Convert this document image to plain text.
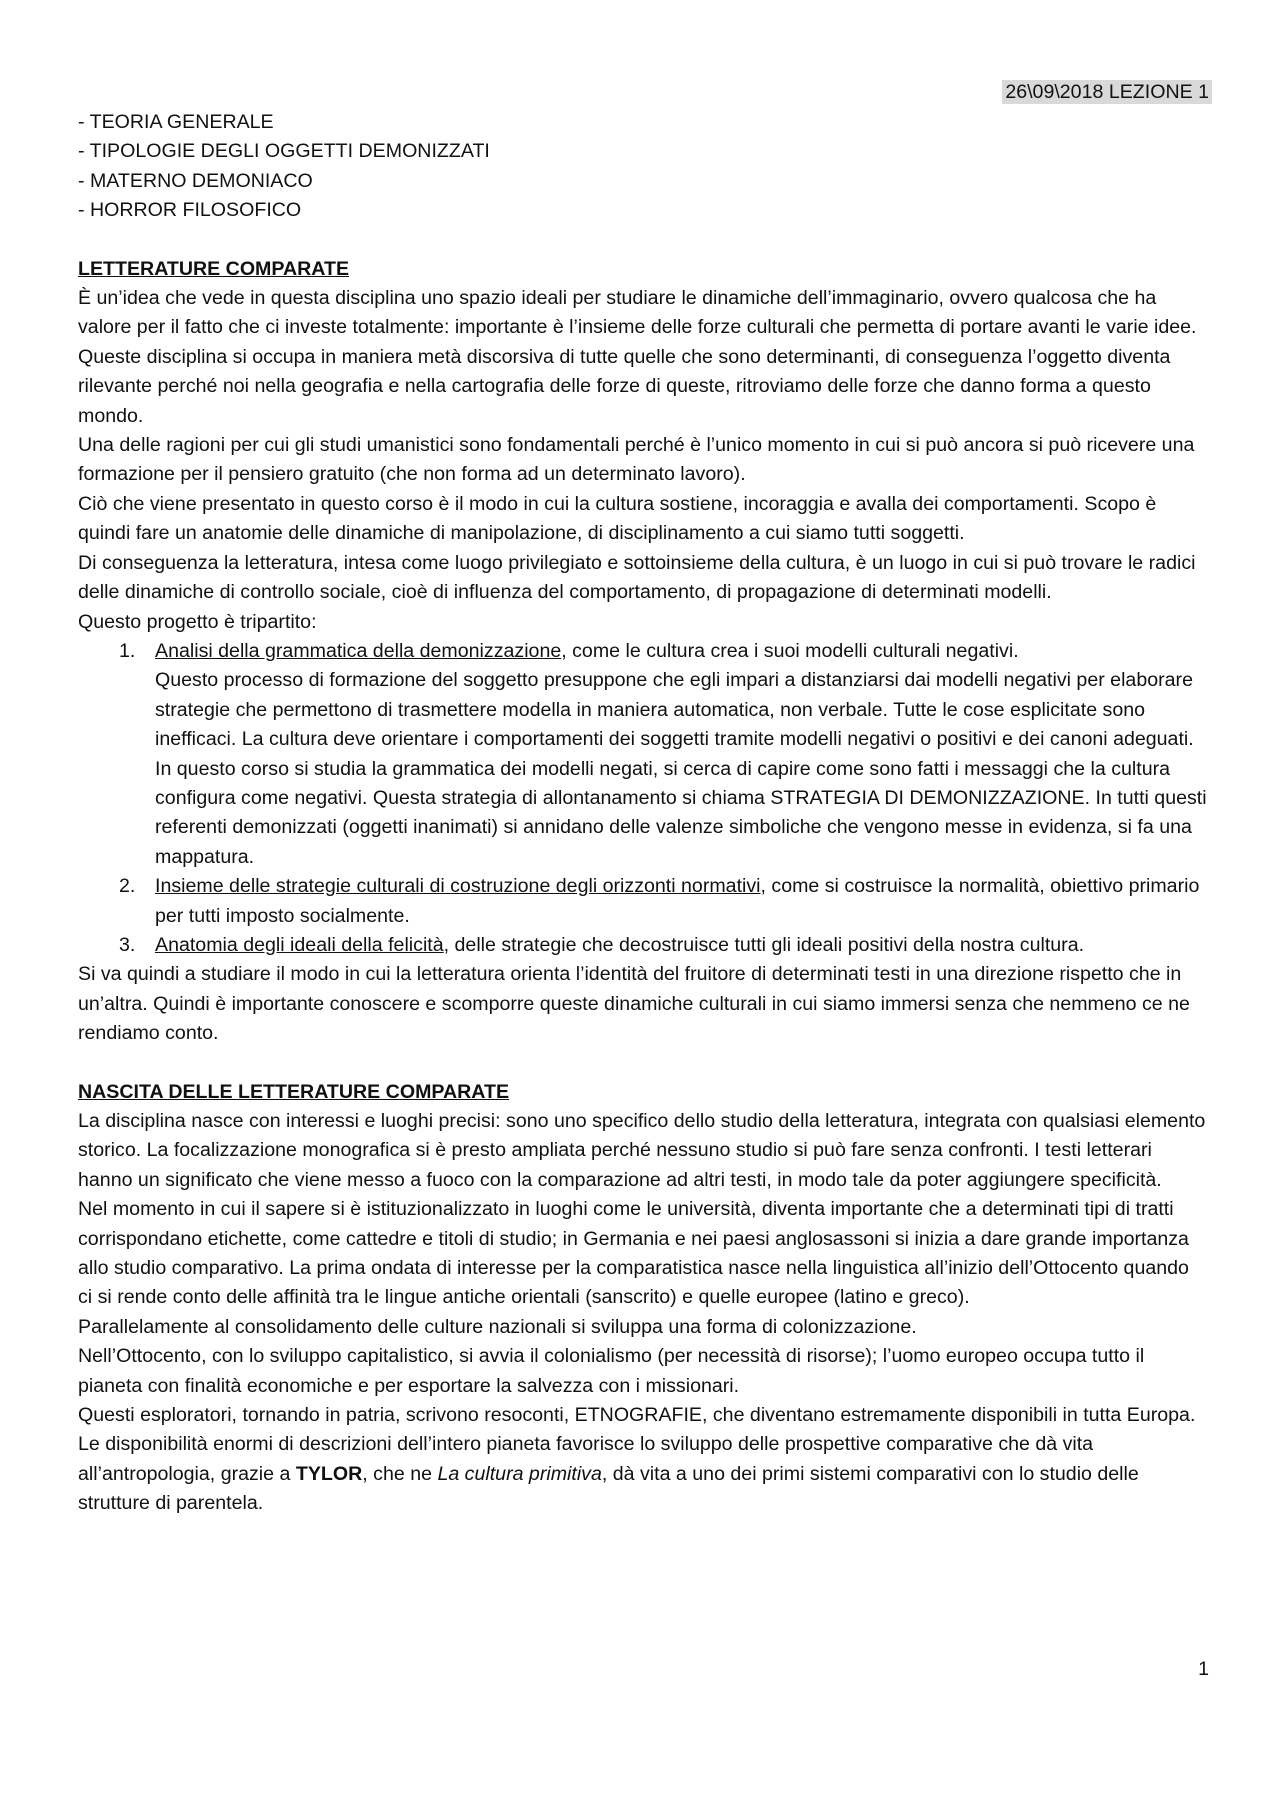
26\09\2018 LEZIONE 1
- TEORIA GENERALE
- TIPOLOGIE DEGLI OGGETTI DEMONIZZATI
- MATERNO DEMONIACO
- HORROR FILOSOFICO

LETTERATURE COMPARATE

È un’idea che vede in questa disciplina uno spazio ideali per studiare le dinamiche dell’immaginario, ovvero qualcosa che ha valore per il fatto che ci investe totalmente: importante è l’insieme delle forze culturali che permetta di portare avanti le varie idee. Queste disciplina si occupa in maniera metà discorsiva di tutte quelle che sono determinanti, di conseguenza l’oggetto diventa rilevante perché noi nella geografia e nella cartografia delle forze di queste, ritroviamo delle forze che danno forma a questo mondo.

Una delle ragioni per cui gli studi umanistici sono fondamentali perché è l’unico momento in cui si può ancora si può ricevere una formazione per il pensiero gratuito (che non forma ad un determinato lavoro).

Ciò che viene presentato in questo corso è il modo in cui la cultura sostiene, incoraggia e avalla dei comportamenti. Scopo è quindi fare un anatomie delle dinamiche di manipolazione, di disciplinamento a cui siamo tutti soggetti.

Di conseguenza la letteratura, intesa come luogo privilegiato e sottoinsieme della cultura, è un luogo in cui si può trovare le radici delle dinamiche di controllo sociale, cioè di influenza del comportamento, di propagazione di determinati modelli.

Questo progetto è tripartito:

1. Analisi della grammatica della demonizzazione, come le cultura crea i suoi modelli culturali negativi.
Questo processo di formazione del soggetto presuppone che egli impari a distanziarsi dai modelli negativi per elaborare strategie che permettono di trasmettere modella in maniera automatica, non verbale. Tutte le cose esplicitate sono inefficaci. La cultura deve orientare i comportamenti dei soggetti tramite modelli negativi o positivi e dei canoni adeguati.
In questo corso si studia la grammatica dei modelli negati, si cerca di capire come sono fatti i messaggi che la cultura configura come negativi. Questa strategia di allontanamento si chiama STRATEGIA DI DEMONIZZAZIONE. In tutti questi referenti demonizzati (oggetti inanimati) si annidano delle valenze simboliche che vengono messe in evidenza, si fa una mappatura.
2. Insieme delle strategie culturali di costruzione degli orizzonti normativi, come si costruisce la normalità, obiettivo primario per tutti imposto socialmente.
3. Anatomia degli ideali della felicità, delle strategie che decostruisce tutti gli ideali positivi della nostra cultura.

Si va quindi a studiare il modo in cui la letteratura orienta l’identità del fruitore di determinati testi in una direzione rispetto che in un’altra. Quindi è importante conoscere e scomporre queste dinamiche culturali in cui siamo immersi senza che nemmeno ce ne rendiamo conto.

NASCITA DELLE LETTERATURE COMPARATE

La disciplina nasce con interessi e luoghi precisi: sono uno specifico dello studio della letteratura, integrata con qualsiasi elemento storico. La focalizzazione monografica si è presto ampliata perché nessuno studio si può fare senza confronti. I testi letterari hanno un significato che viene messo a fuoco con la comparazione ad altri testi, in modo tale da poter aggiungere specificità.

Nel momento in cui il sapere si è istituzionalizzato in luoghi come le università, diventa importante che a determinati tipi di tratti corrispondano etichette, come cattedre e titoli di studio; in Germania e nei paesi anglosassoni si inizia a dare grande importanza allo studio comparativo. La prima ondata di interesse per la comparatistica nasce nella linguistica all’inizio dell’Ottocento quando ci si rende conto delle affinità tra le lingue antiche orientali (sanscrito) e quelle europee (latino e greco).

Parallelamente al consolidamento delle culture nazionali si sviluppa una forma di colonizzazione.

Nell’Ottocento, con lo sviluppo capitalistico, si avvia il colonialismo (per necessità di risorse); l’uomo europeo occupa tutto il pianeta con finalità economiche e per esportare la salvezza con i missionari.

Questi esploratori, tornando in patria, scrivono resoconti, ETNOGRAFIE, che diventano estremamente disponibili in tutta Europa. Le disponibilità enormi di descrizioni dell’intero pianeta favorisce lo sviluppo delle prospettive comparative che dà vita all’antropologia, grazie a TYLOR, che ne La cultura primitiva, dà vita a uno dei primi sistemi comparativi con lo studio delle strutture di parentela.

1
